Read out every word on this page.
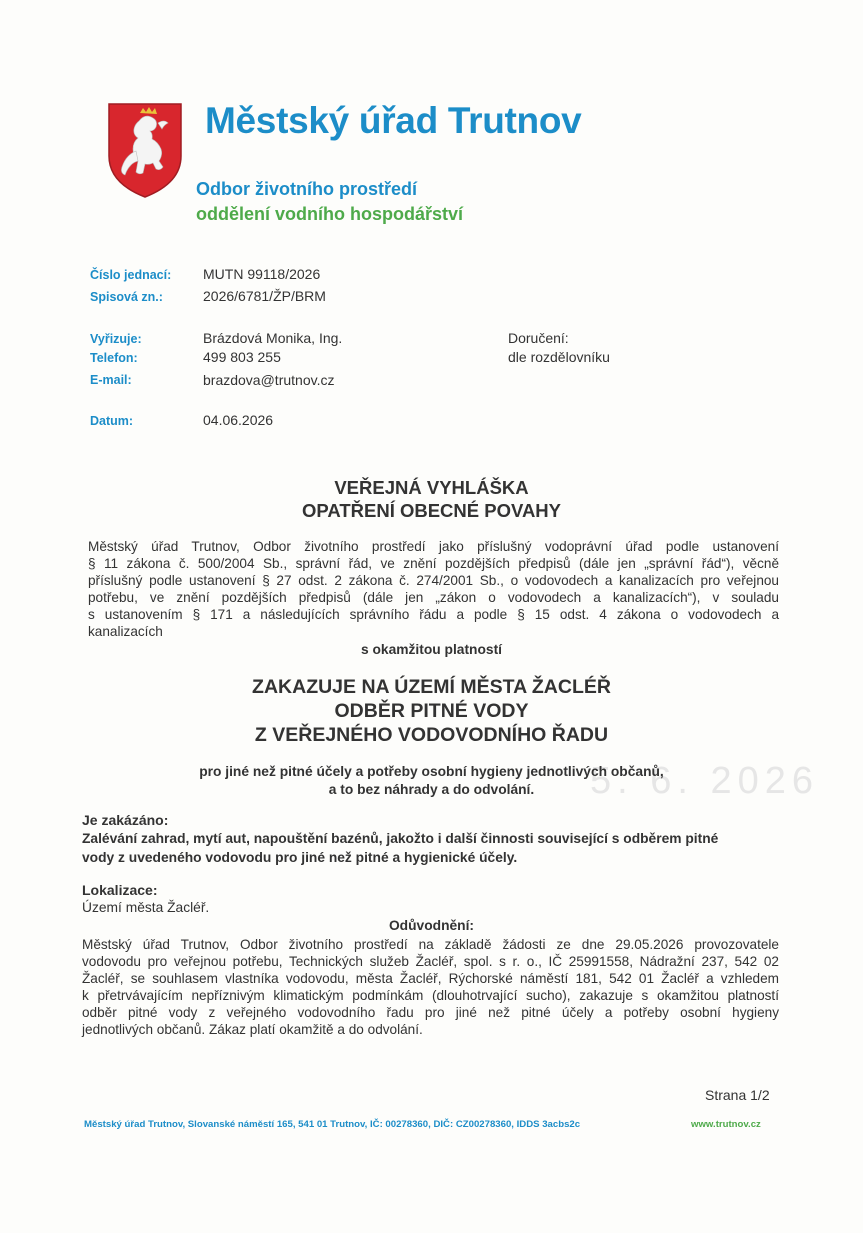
Městský úřad Trutnov
Odbor životního prostředí
oddělení vodního hospodářství
Číslo jednací: MUTN 99118/2026
Spisová zn.:	2026/6781/ŽP/BRM
Vyřizuje:	Brázdová Monika, Ing.
Telefon:	499 803 255
E-mail:	brazdova@trutnov.cz
Datum:	04.06.2026
Doručení:
dle rozdělovníku
VEŘEJNÁ VYHLÁŠKA
OPATŘENÍ OBECNÉ POVAHY
Městský úřad Trutnov, Odbor životního prostředí jako příslušný vodoprávní úřad podle ustanovení
§ 11 zákona č. 500/2004 Sb., správní řád, ve znění pozdějších předpisů (dále jen „správní řád“), věcně
příslušný podle ustanovení § 27 odst. 2 zákona č. 274/2001 Sb., o vodovodech a kanalizacích pro veřejnou
potřebu, ve znění pozdějších předpisů (dále jen „zákon o vodovodech a kanalizacích“), v souladu
s ustanovením § 171 a následujících správního řádu a podle § 15 odst. 4 zákona o vodovodech a
kanalizacích
s okamžitou platností
ZAKAZUJE NA ÚZEMÍ MĚSTA ŽACLÉŘ
ODBĚR PITNÉ VODY
Z VEŘEJNÉHO VODOVODNÍHO ŘADU
5. 6. 2026
pro jiné než pitné účely a potřeby osobní hygieny jednotlivých občanů,
a to bez náhrady a do odvolání.
Je zakázáno:
Zalévání zahrad, mytí aut, napouštění bazénů, jakožto i další činnosti související s odběrem pitné
vody z uvedeného vodovodu pro jiné než pitné a hygienické účely.
Lokalizace:
Území města Žacléř.
Odůvodnění:
Městský úřad Trutnov, Odbor životního prostředí na základě žádosti ze dne 29.05.2026 provozovatele
vodovodu pro veřejnou potřebu, Technických služeb Žacléř, spol. s r. o., IČ 25991558, Nádražní 237, 542 02
Žacléř, se souhlasem vlastníka vodovodu, města Žacléř, Rýchorské náměstí 181, 542 01 Žacléř a vzhledem
k přetrvávajícím nepříznivým klimatickým podmínkám (dlouhotrvající sucho), zakazuje s okamžitou platností
odběr pitné vody z veřejného vodovodního řadu pro jiné než pitné účely a potřeby osobní hygieny
jednotlivých občanů. Zákaz platí okamžitě a do odvolání.
Strana 1/2
Městský úřad Trutnov, Slovanské náměstí 165, 541 01 Trutnov, IČ: 00278360, DIČ: CZ00278360, IDDS 3acbs2c	www.trutnov.cz
